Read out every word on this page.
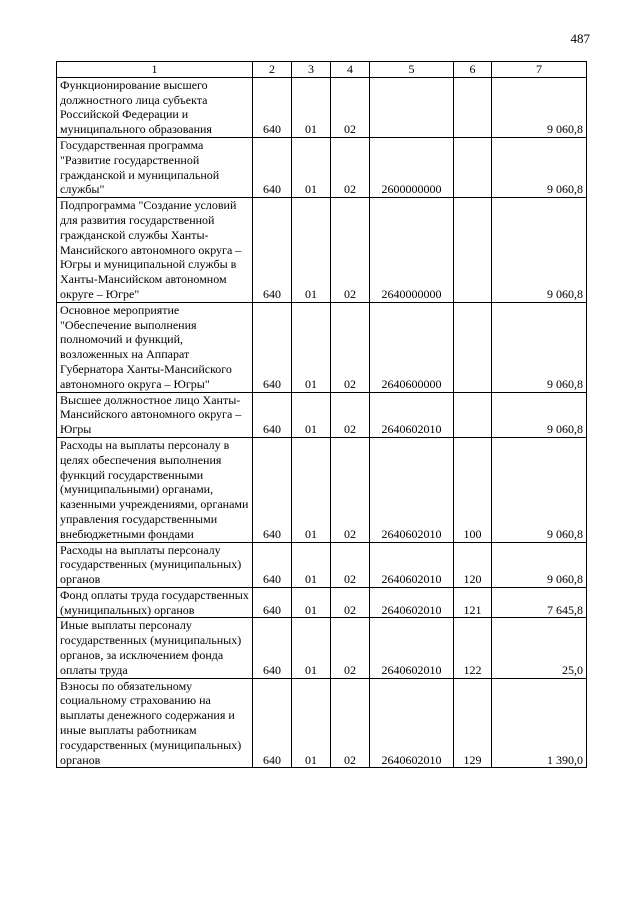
487
1	2	3	4	5	6	7
Функционирование высшего должностного лица субъекта Российской Федерации и муниципального образования	640	01	02			9 060,8
Государственная программа "Развитие государственной гражданской и муниципальной службы"	640	01	02	2600000000		9 060,8
Подпрограмма "Создание условий для развития государственной гражданской службы Ханты-Мансийского автономного округа – Югры и муниципальной службы в Ханты-Мансийском автономном округе – Югре"	640	01	02	2640000000		9 060,8
Основное мероприятие "Обеспечение выполнения полномочий и функций, возложенных на Аппарат Губернатора Ханты-Мансийского автономного округа – Югры"	640	01	02	2640600000		9 060,8
Высшее должностное лицо Ханты-Мансийского автономного округа – Югры	640	01	02	2640602010		9 060,8
Расходы на выплаты персоналу в целях обеспечения выполнения функций государственными (муниципальными) органами, казенными учреждениями, органами управления государственными внебюджетными фондами	640	01	02	2640602010	100	9 060,8
Расходы на выплаты персоналу государственных (муниципальных) органов	640	01	02	2640602010	120	9 060,8
Фонд оплаты труда государственных (муниципальных) органов	640	01	02	2640602010	121	7 645,8
Иные выплаты персоналу государственных (муниципальных) органов, за исключением фонда оплаты труда	640	01	02	2640602010	122	25,0
Взносы по обязательному социальному страхованию на выплаты денежного содержания и иные выплаты работникам государственных (муниципальных) органов	640	01	02	2640602010	129	1 390,0
